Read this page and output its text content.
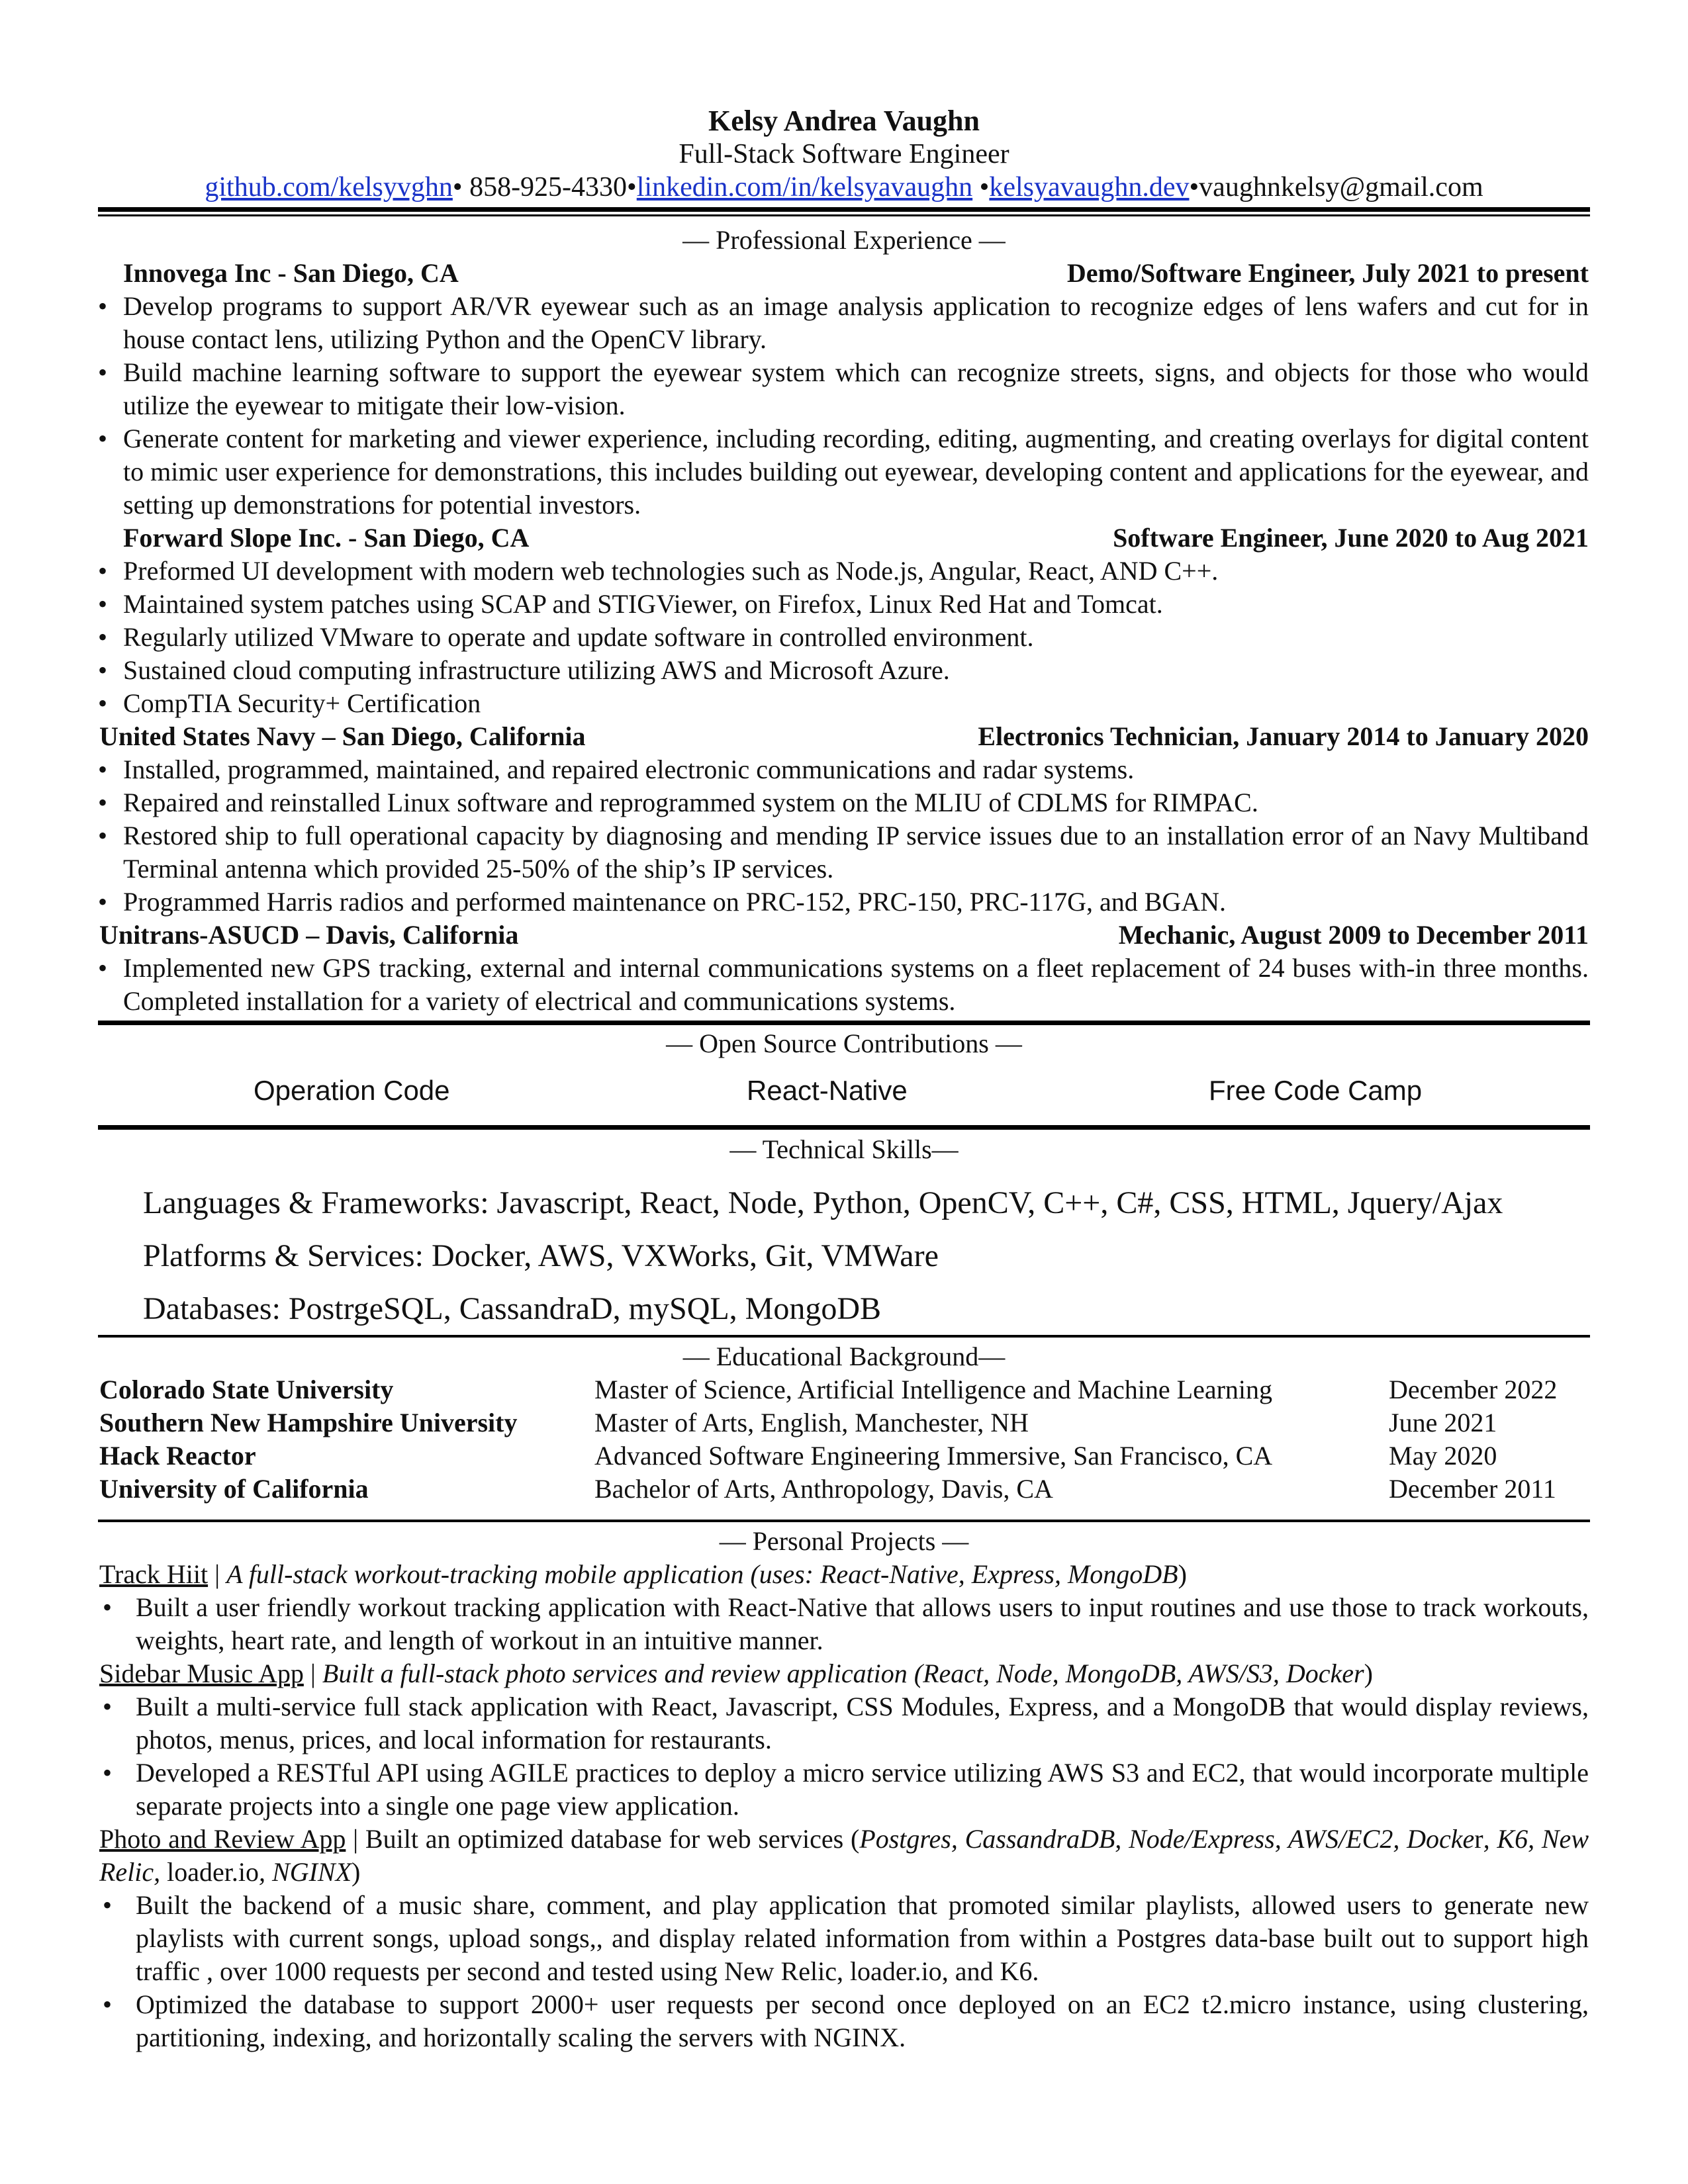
Kelsy Andrea Vaughn
Full-Stack Software Engineer
github.com/kelsyvghn• 858-925-4330•linkedin.com/in/kelsyavaughn •kelsyavaughn.dev•vaughnkelsy@gmail.com
— Professional Experience —
Innovega Inc - San Diego, CA	Demo/Software Engineer, July 2021 to present
• Develop programs to support AR/VR eyewear such as an image analysis application to recognize edges of lens wafers and cut for in house contact lens, utilizing Python and the OpenCV library.
• Build machine learning software to support the eyewear system which can recognize streets, signs, and objects for those who would utilize the eyewear to mitigate their low-vision.
• Generate content for marketing and viewer experience, including recording, editing, augmenting, and creating overlays for digital content to mimic user experience for demonstrations, this includes building out eyewear, developing content and applications for the eyewear, and setting up demonstrations for potential investors.
Forward Slope Inc. - San Diego, CA	Software Engineer, June 2020 to Aug 2021
• Preformed UI development with modern web technologies such as Node.js, Angular, React, AND C++.
• Maintained system patches using SCAP and STIGViewer, on Firefox, Linux Red Hat and Tomcat.
• Regularly utilized VMware to operate and update software in controlled environment.
• Sustained cloud computing infrastructure utilizing AWS and Microsoft Azure.
• CompTIA Security+ Certification
United States Navy – San Diego, California	Electronics Technician, January 2014 to January 2020
• Installed, programmed, maintained, and repaired electronic communications and radar systems.
• Repaired and reinstalled Linux software and reprogrammed system on the MLIU of CDLMS for RIMPAC.
• Restored ship to full operational capacity by diagnosing and mending IP service issues due to an installation error of an Navy Multiband Terminal antenna which provided 25-50% of the ship’s IP services.
• Programmed Harris radios and performed maintenance on PRC-152, PRC-150, PRC-117G, and BGAN.
Unitrans-ASUCD – Davis, California	Mechanic, August 2009 to December 2011
• Implemented new GPS tracking, external and internal communications systems on a fleet replacement of 24 buses with-in three months. Completed installation for a variety of electrical and communications systems.
— Open Source Contributions —
Operation Code	React-Native	Free Code Camp
— Technical Skills—
Languages & Frameworks: Javascript, React, Node, Python, OpenCV, C++, C#, CSS, HTML, Jquery/Ajax
Platforms & Services: Docker, AWS, VXWorks, Git, VMWare
Databases: PostrgeSQL, CassandraD, mySQL, MongoDB
— Educational Background—
Colorado State University	Master of Science, Artificial Intelligence and Machine Learning	December 2022
Southern New Hampshire University	Master of Arts, English, Manchester, NH	June 2021
Hack Reactor	Advanced Software Engineering Immersive, San Francisco, CA	May 2020
University of California	Bachelor of Arts, Anthropology, Davis, CA	December 2011
— Personal Projects —
Track Hiit | A full-stack workout-tracking mobile application (uses: React-Native, Express, MongoDB)
• Built a user friendly workout tracking application with React-Native that allows users to input routines and use those to track workouts, weights, heart rate, and length of workout in an intuitive manner.
Sidebar Music App | Built a full-stack photo services and review application (React, Node, MongoDB, AWS/S3, Docker)
• Built a multi-service full stack application with React, Javascript, CSS Modules, Express, and a MongoDB that would display reviews, photos, menus, prices, and local information for restaurants.
• Developed a RESTful API using AGILE practices to deploy a micro service utilizing AWS S3 and EC2, that would incorporate multiple separate projects into a single one page view application.
Photo and Review App | Built an optimized database for web services (Postgres, CassandraDB, Node/Express, AWS/EC2, Docker, K6, New Relic, loader.io, NGINX)
• Built the backend of a music share, comment, and play application that promoted similar playlists, allowed users to generate new playlists with current songs, upload songs,, and display related information from within a Postgres data-base built out to support high traffic , over 1000 requests per second and tested using New Relic, loader.io, and K6.
• Optimized the database to support 2000+ user requests per second once deployed on an EC2 t2.micro instance, using clustering, partitioning, indexing, and horizontally scaling the servers with NGINX.
